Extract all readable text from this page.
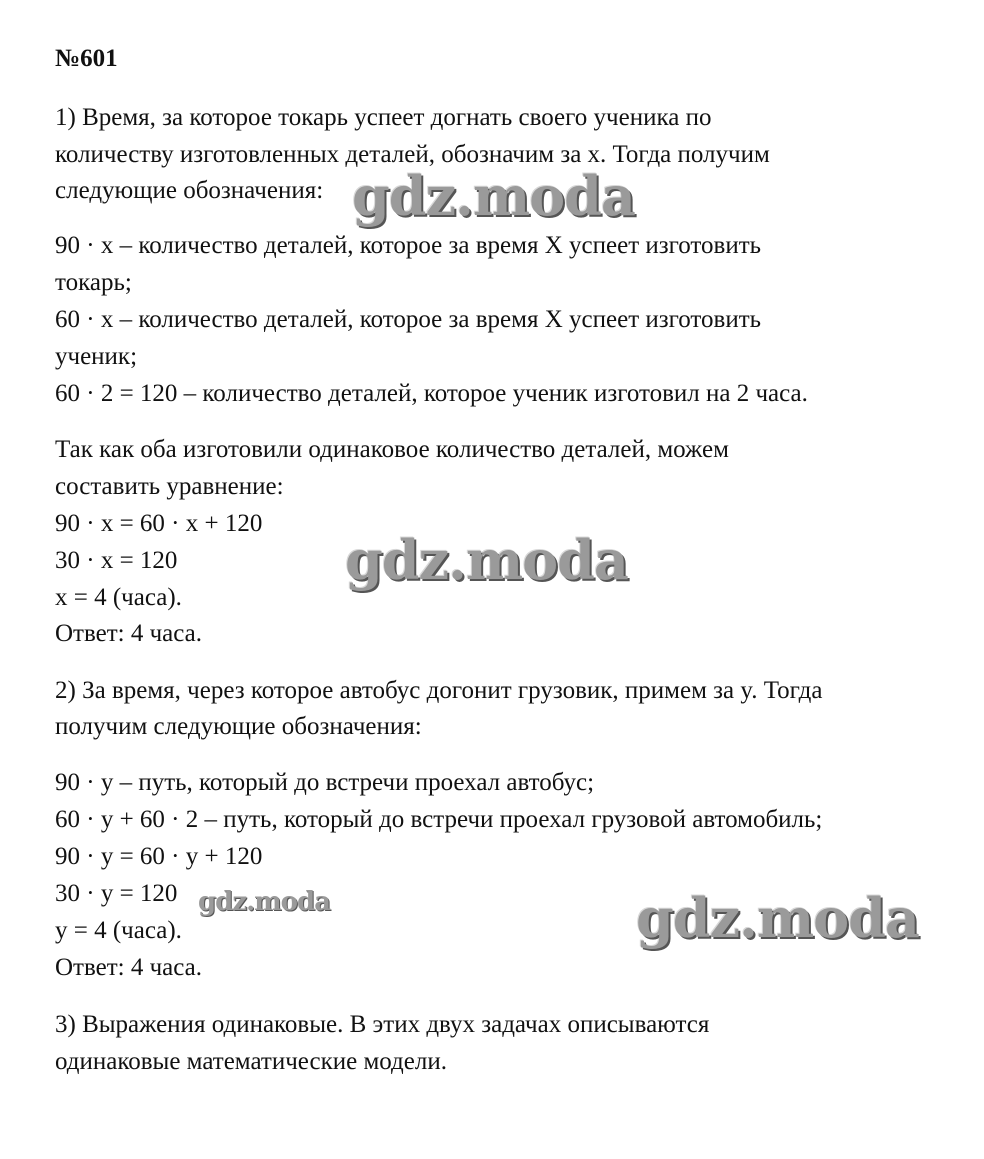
№601

1) Время, за которое токарь успеет догнать своего ученика по

количеству изготовленных деталей, обозначим за x. Тогда получим

следующие обозначения:

90 · x – количество деталей, которое за время X успеет изготовить

токарь;

60 · x – количество деталей, которое за время X успеет изготовить

ученик;

60 · 2 = 120 – количество деталей, которое ученик изготовил на 2 часа.

Так как оба изготовили одинаковое количество деталей, можем

составить уравнение:

90 · x = 60 · x + 120

30 · x = 120

x = 4 (часа).

Ответ: 4 часа.

2) За время, через которое автобус догонит грузовик, примем за y. Тогда

получим следующие обозначения:

90 · y – путь, который до встречи проехал автобус;

60 · y + 60 · 2 – путь, который до встречи проехал грузовой автомобиль;

90 · y = 60 · y + 120

30 · y = 120

y = 4 (часа).

Ответ: 4 часа.

3) Выражения одинаковые. В этих двух задачах описываются

одинаковые математические модели.

gdz.moda
gdz.moda
gdz.moda	gdz.moda
